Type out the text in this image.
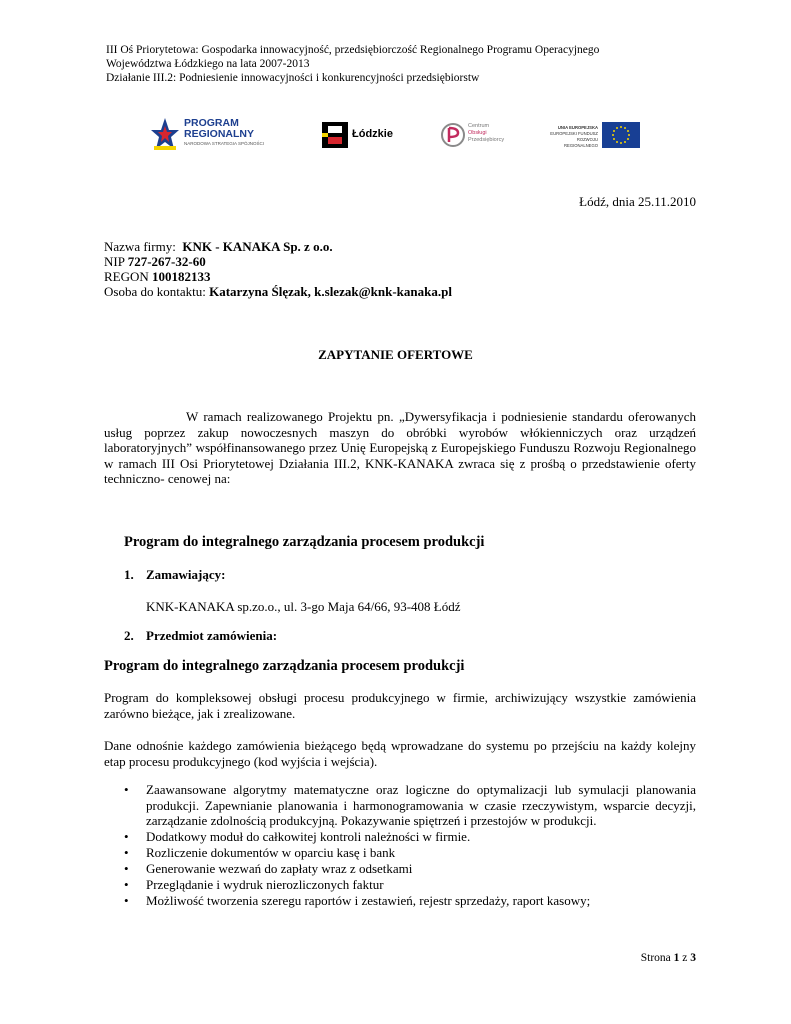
III Oś Priorytetowa: Gospodarka innowacyjność, przedsiębiorczość Regionalnego Programu Operacyjnego
Województwa Łódzkiego na lata 2007-2013
Działanie III.2: Podniesienie innowacyjności i konkurencyjności przedsiębiorstw
PROGRAM
REGIONALNY
NARODOWA STRATEGIA SPÓJNOŚCI
Łódzkie
Centrum
Obsługi
Przedsiębiorcy
UNIA EUROPEJSKA
EUROPEJSKI FUNDUSZ
ROZWOJU REGIONALNEGO
Łódź, dnia 25.11.2010
Nazwa firmy: KNK - KANAKA Sp. z o.o.
NIP 727-267-32-60
REGON 100182133
Osoba do kontaktu: Katarzyna Ślęzak, k.slezak@knk-kanaka.pl
ZAPYTANIE OFERTOWE
W ramach realizowanego Projektu pn. „Dywersyfikacja i podniesienie standardu oferowanych usług poprzez zakup nowoczesnych maszyn do obróbki wyrobów włókienniczych oraz urządzeń laboratoryjnych” współfinansowanego przez Unię Europejską z Europejskiego Funduszu Rozwoju Regionalnego w ramach III Osi Priorytetowej Działania III.2, KNK-KANAKA zwraca się z prośbą o przedstawienie oferty techniczno- cenowej na:
Program do integralnego zarządzania procesem produkcji
1. Zamawiający:
KNK-KANAKA sp.zo.o., ul. 3-go Maja 64/66, 93-408 Łódź
2. Przedmiot zamówienia:
Program do integralnego zarządzania procesem produkcji
Program do kompleksowej obsługi procesu produkcyjnego w firmie, archiwizujący wszystkie zamówienia zarówno bieżące, jak i zrealizowane.
Dane odnośnie każdego zamówienia bieżącego będą wprowadzane do systemu po przejściu na każdy kolejny etap procesu produkcyjnego (kod wyjścia i wejścia).
• Zaawansowane algorytmy matematyczne oraz logiczne do optymalizacji lub symulacji planowania produkcji. Zapewnianie planowania i harmonogramowania w czasie rzeczywistym, wsparcie decyzji, zarządzanie zdolnością produkcyjną. Pokazywanie spiętrzeń i przestojów w produkcji.
• Dodatkowy moduł do całkowitej kontroli należności w firmie.
• Rozliczenie dokumentów w oparciu kasę i bank
• Generowanie wezwań do zapłaty wraz z odsetkami
• Przeglądanie i wydruk nierozliczonych faktur
• Możliwość tworzenia szeregu raportów i zestawień, rejestr sprzedaży, raport kasowy;
Strona 1 z 3
